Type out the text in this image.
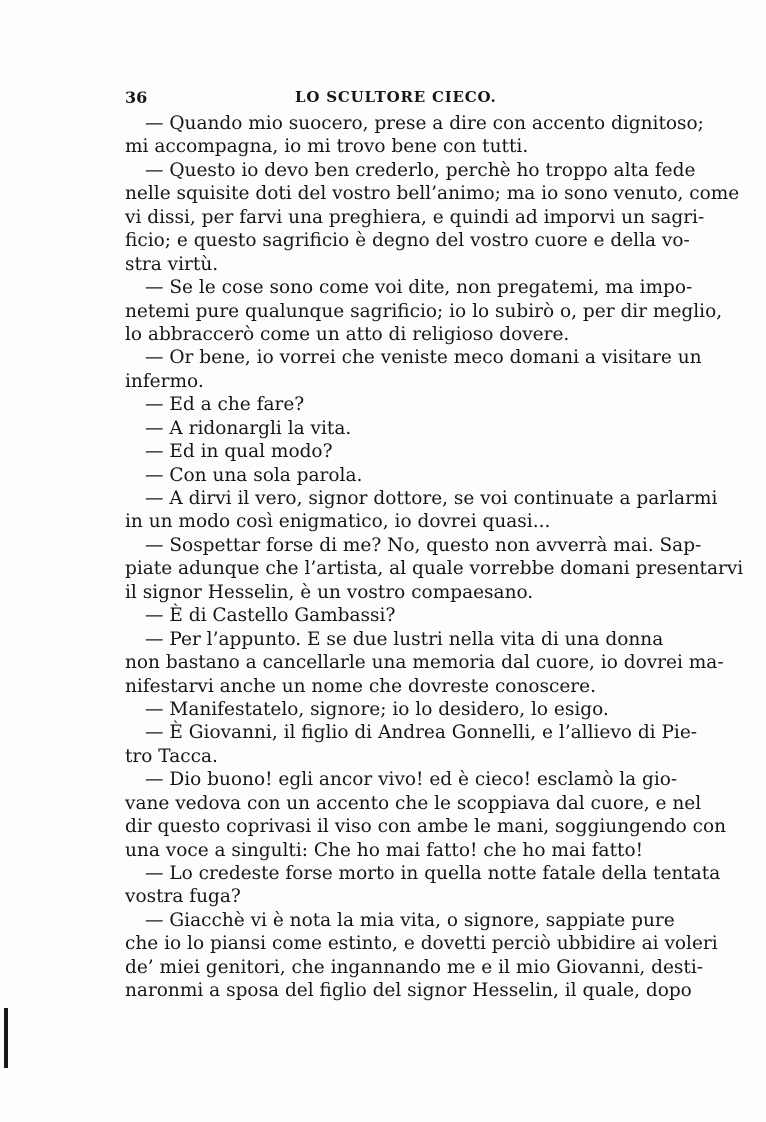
36	LO SCULTORE CIECO.
— Quando mio suocero, prese a dire con accento dignitoso;
mi accompagna, io mi trovo bene con tutti.
— Questo io devo ben crederlo, perchè ho troppo alta fede
nelle squisite doti del vostro bell’animo; ma io sono venuto, come
vi dissi, per farvi una preghiera, e quindi ad imporvi un sagri-
ficio; e questo sagrificio è degno del vostro cuore e della vo-
stra virtù.
— Se le cose sono come voi dite, non pregatemi, ma impo-
netemi pure qualunque sagrificio; io lo subirò o, per dir meglio,
lo abbraccerò come un atto di religioso dovere.
— Or bene, io vorrei che veniste meco domani a visitare un
infermo.
— Ed a che fare?
— A ridonargli la vita.
— Ed in qual modo?
— Con una sola parola.
— A dirvi il vero, signor dottore, se voi continuate a parlarmi
in un modo così enigmatico, io dovrei quasi...
— Sospettar forse di me? No, questo non avverrà mai. Sap-
piate adunque che l’artista, al quale vorrebbe domani presentarvi
il signor Hesselin, è un vostro compaesano.
— È di Castello Gambassi?
— Per l’appunto. E se due lustri nella vita di una donna
non bastano a cancellarle una memoria dal cuore, io dovrei ma-
nifestarvi anche un nome che dovreste conoscere.
— Manifestatelo, signore; io lo desidero, lo esigo.
— È Giovanni, il figlio di Andrea Gonnelli, e l’allievo di Pie-
tro Tacca.
— Dio buono! egli ancor vivo! ed è cieco! esclamò la gio-
vane vedova con un accento che le scoppiava dal cuore, e nel
dir questo coprivasi il viso con ambe le mani, soggiungendo con
una voce a singulti: Che ho mai fatto! che ho mai fatto!
— Lo credeste forse morto in quella notte fatale della tentata
vostra fuga?
— Giacchè vi è nota la mia vita, o signore, sappiate pure
che io lo piansi come estinto, e dovetti perciò ubbidire ai voleri
de’ miei genitori, che ingannando me e il mio Giovanni, desti-
naronmi a sposa del figlio del signor Hesselin, il quale, dopo
